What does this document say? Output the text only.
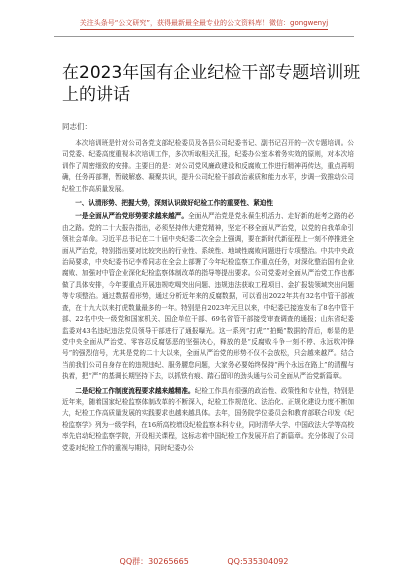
关注头条号“公文研究”，获得最新最全最专业的公文资料库！微信：gongwenyj
在2023年国有企业纪检干部专题培训班上的讲话
同志们：

本次培训班是针对公司各党支部纪检委员及各县公司纪委书记、副书记召开的一次专题培训。公司党委、纪委高度重视本次培训工作，多次听取相关汇报，纪委办公室本着务实效的原则，对本次培训作了周密细致的安排。主要目的是：对公司党风廉政建设和反腐败工作进行精神再传达，重点再明确，任务再部署，暂破解惑、凝聚共识，提升公司纪检干部政治素质和能力水平，步调一致推动公司纪检工作高质量发展。

一、认清形势、把握大势，深刻认识做好纪检工作的重要性、紧迫性

一是全面从严治党形势要求越来越严。全面从严治党是党永葆生机活力、走好新的赶考之路的必由之路。党的二十大报告指出，必须坚持伟大建党精神，坚定不移全面从严治党，以党的自我革命引领社会革命。习近平总书记在二十届中央纪委二次全会上强调，要在新时代新征程上一刻不停推进全面从严治党，特别指出要对比较突出的行业性、系统性、地域性腐败问题进行专项整治。中共中央政治局要求，中央纪委书记李希同志在全会上部署了今年纪检监察工作重点任务，对深化整治国有企业腐败、加强对中管企业深化纪检监察体制改革的指导等提出要求。公司党委对全面从严治党工作也都做了具体安排，今年要重点开展违规吃喝突出问题、违规违法获取工程项目、金扩报装领域突出问题等专项整治。通过数据看形势，通过分析近年来的反腐数据，可以看出2022年共有32名中管干部被查，在十九大以来打虎数量最多的一年。特别是自2023年元旦以来，中纪委已接连发布了8名中管干部、22名中央一级党和国家机关、国企单位干部、69名省管干部接受审查调查的通报；山东省纪委监委对43名违纪违法党员领导干部进行了通报曝光。这一系列“打虎”“拍蝇”数据的背后，彰显的是党中央全面从严治党、零容忍反腐惩恶的坚强决心，释放的是“反腐败斗争一刻不停、永远吹冲锋号”的强烈信号，尤其是党的二十大以来，全面从严治党的形势不仅不会放松，只会越来越严。结合当前我们公司自身存在的违规违纪、服务腰怠问题，大家务必要始终保持“两个永远在路上”的清醒与执着，把“严”的基调长期坚持下去，以抓铁有痕、踏石留印的劲头通与公司全面从严治党新篇章。

二是纪检工作制度流程要求越来越精准。纪检工作具有很强的政治性、政策性和专业性，特别是近年来，随着国家纪检监察体制改革的不断深入，纪检工作规范化、法治化、正规化建设力度不断加大，纪检工作高质量发展的实践要求也越来越具体。去年，国务院学位委员会和教育部联合印发《纪检监察学》列为一级学科，在16所高校增设纪检监察本科专业，同时清华大学、中国政法大学等高校率先启动纪检监察学院，开设相关课程，这标志着中国纪检工作发展开启了新篇章。充分体现了公司党委对纪检工作的重视与期待，同时纪委办公

QQ群：30265665	QQ:535304092
